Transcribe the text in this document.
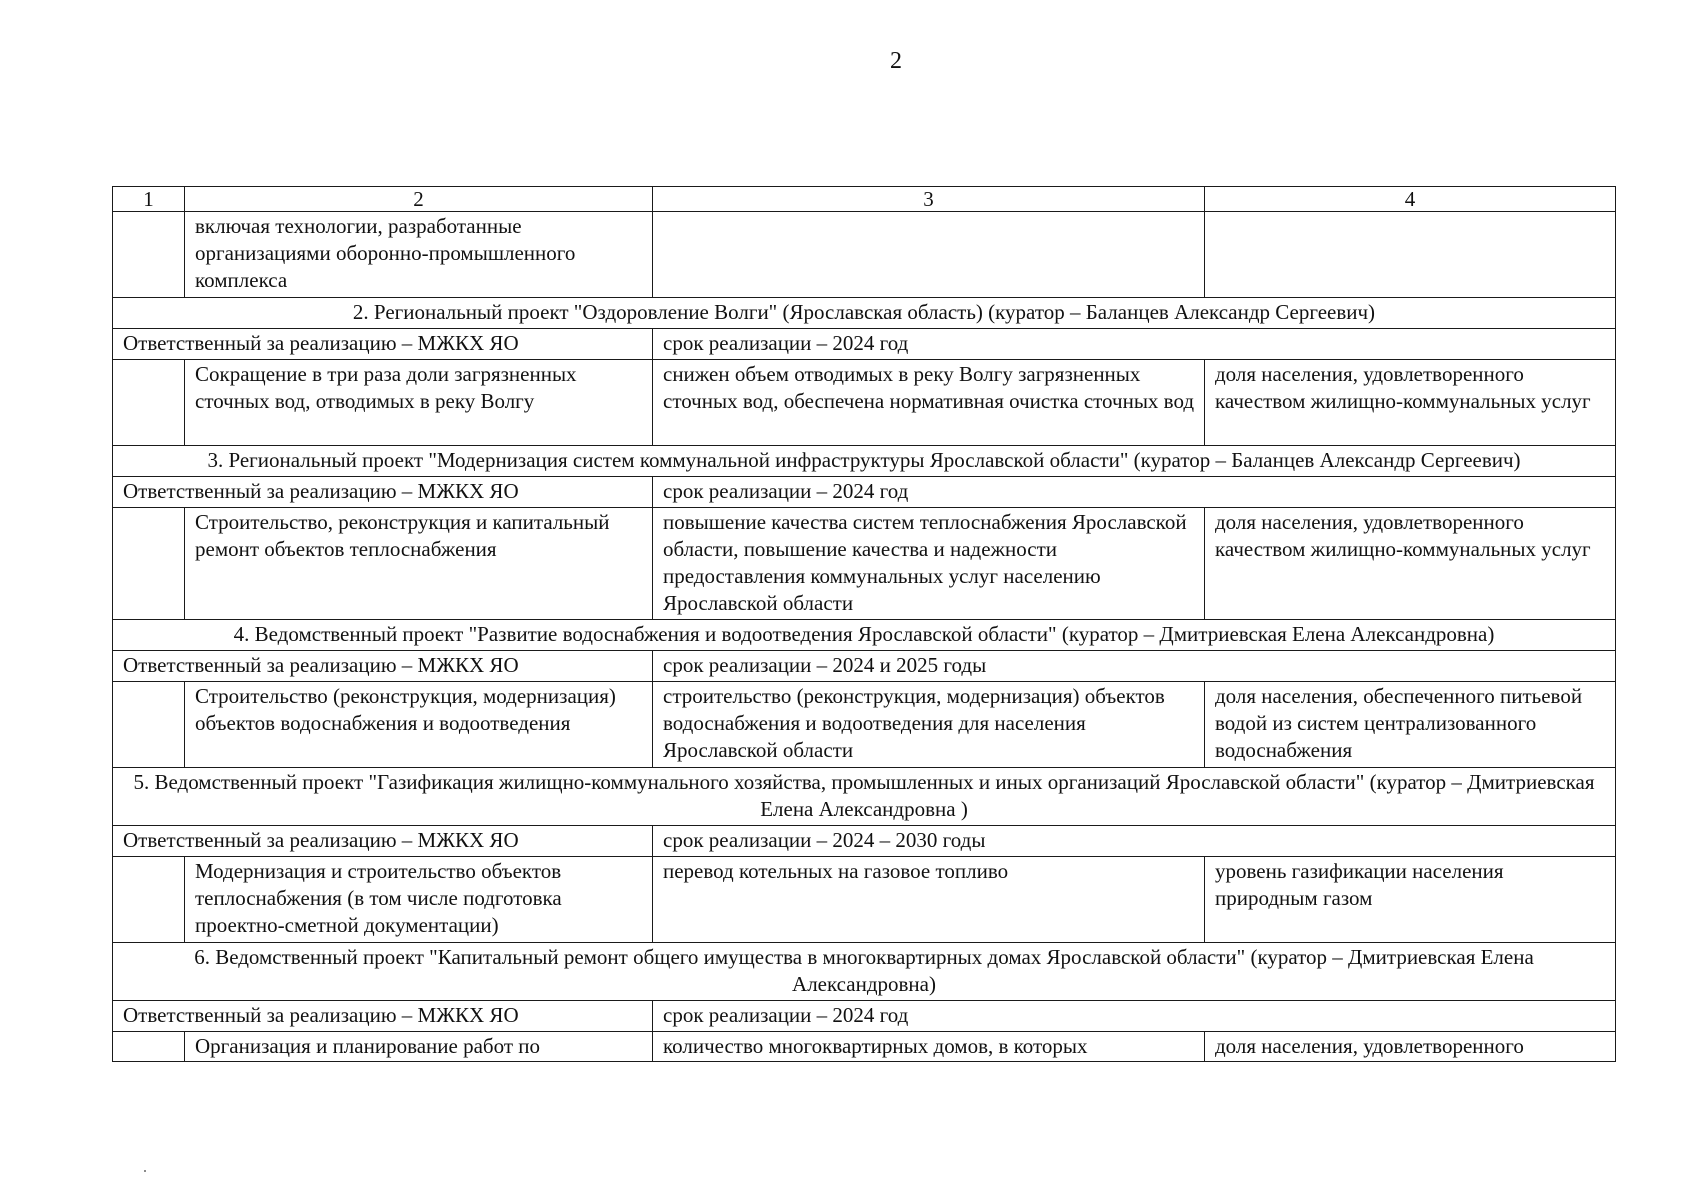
2
1	2	3	4
	включая технологии, разработанные организациями оборонно-промышленного комплекса		
2. Региональный проект "Оздоровление Волги" (Ярославская область) (куратор – Баланцев Александр Сергеевич)			
Ответственный за реализацию – МЖКХ ЯО		срок реализации – 2024 год	
	Сокращение в три раза доли загрязненных сточных вод, отводимых в реку Волгу	снижен объем отводимых в реку Волгу загрязненных сточных вод, обеспечена нормативная очистка сточных вод	доля населения, удовлетворенного качеством жилищно-коммунальных услуг
3. Региональный проект "Модернизация систем коммунальной инфраструктуры Ярославской области" (куратор – Баланцев Александр Сергеевич)			
Ответственный за реализацию – МЖКХ ЯО		срок реализации – 2024 год	
	Строительство, реконструкция и капитальный ремонт объектов теплоснабжения	повышение качества систем теплоснабжения Ярославской области, повышение качества и надежности предоставления коммунальных услуг населению Ярославской области	доля населения, удовлетворенного качеством жилищно-коммунальных услуг
4. Ведомственный проект "Развитие водоснабжения и водоотведения Ярославской области" (куратор – Дмитриевская Елена Александровна)			
Ответственный за реализацию – МЖКХ ЯО		срок реализации – 2024 и 2025 годы	
	Строительство (реконструкция, модернизация) объектов водоснабжения и водоотведения	строительство (реконструкция, модернизация) объектов водоснабжения и водоотведения для населения Ярославской области	доля населения, обеспеченного питьевой водой из систем централизованного водоснабжения
5. Ведомственный проект "Газификация жилищно-коммунального хозяйства, промышленных и иных организаций Ярославской области" (куратор – Дмитриевская Елена Александровна )			
Ответственный за реализацию – МЖКХ ЯО		срок реализации – 2024 – 2030 годы	
	Модернизация и строительство объектов теплоснабжения (в том числе подготовка проектно-сметной документации)	перевод котельных на газовое топливо	уровень газификации населения природным газом
6. Ведомственный проект "Капитальный ремонт общего имущества в многоквартирных домах Ярославской области" (куратор – Дмитриевская Елена Александровна)			
Ответственный за реализацию – МЖКХ ЯО		срок реализации – 2024 год	
	Организация и планирование работ по	количество многоквартирных домов, в которых	доля населения, удовлетворенного
